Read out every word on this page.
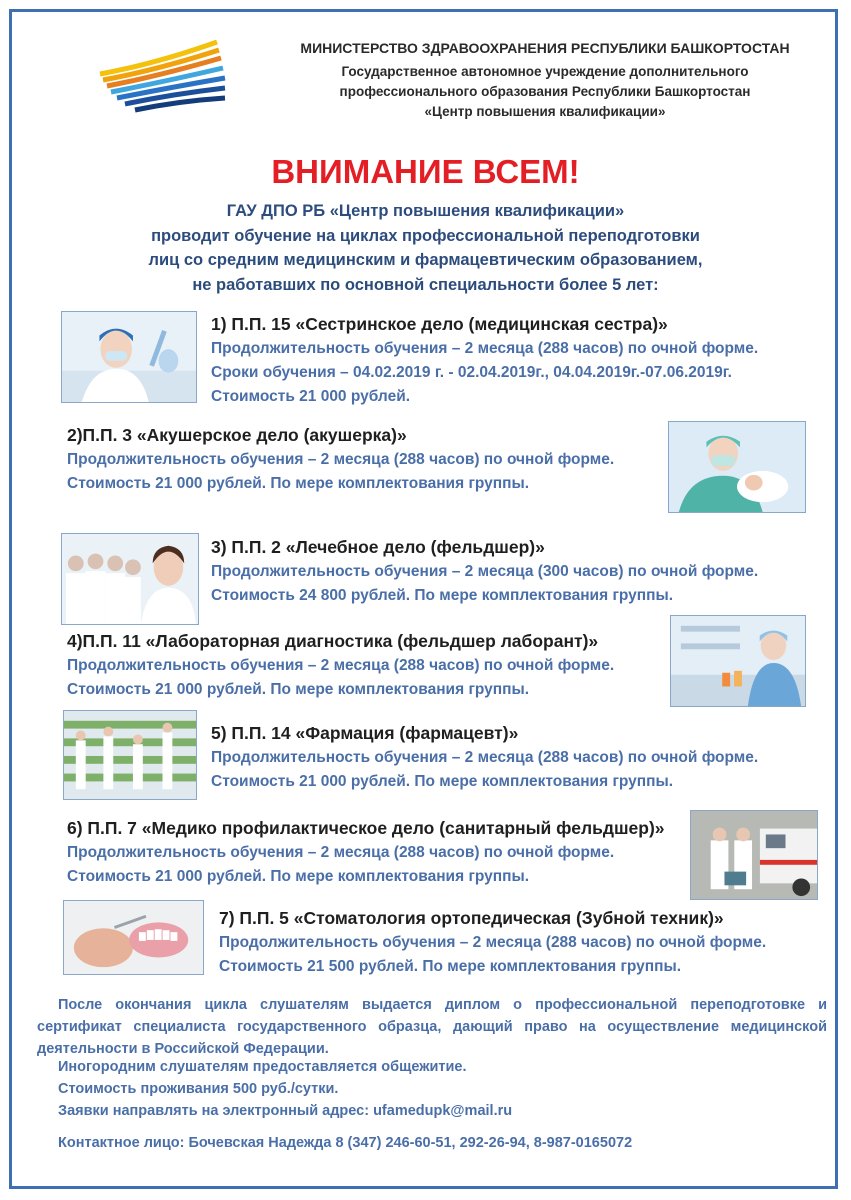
МИНИСТЕРСТВО ЗДРАВООХРАНЕНИЯ РЕСПУБЛИКИ БАШКОРТОСТАН
Государственное автономное учреждение дополнительного
профессионального образования Республики Башкортостан
«Центр повышения квалификации»
ВНИМАНИЕ ВСЕМ!
ГАУ ДПО РБ «Центр повышения квалификации»
проводит обучение на циклах профессиональной переподготовки
лиц со средним медицинским и фармацевтическим образованием,
не работавших по основной специальности более 5 лет:
1) П.П. 15 «Сестринское дело (медицинская сестра)»
Продолжительность обучения – 2 месяца (288 часов) по очной форме.
Сроки обучения – 04.02.2019 г. - 02.04.2019г., 04.04.2019г.-07.06.2019г.
Стоимость 21 000 рублей.
2)П.П. 3 «Акушерское дело (акушерка)»
Продолжительность обучения – 2 месяца (288 часов) по очной форме.
Стоимость 21 000 рублей. По мере комплектования группы.
3) П.П. 2 «Лечебное дело (фельдшер)»
Продолжительность обучения – 2 месяца (300 часов) по очной форме.
Стоимость 24 800 рублей. По мере комплектования группы.
4)П.П. 11 «Лабораторная диагностика (фельдшер лаборант)»
Продолжительность обучения – 2 месяца (288 часов) по очной форме.
Стоимость 21 000 рублей. По мере комплектования группы.
5) П.П. 14 «Фармация (фармацевт)»
Продолжительность обучения – 2 месяца (288 часов) по очной форме.
Стоимость 21 000 рублей. По мере комплектования группы.
6) П.П. 7 «Медико профилактическое дело (санитарный фельдшер)»
Продолжительность обучения – 2 месяца (288 часов) по очной форме.
Стоимость 21 000 рублей. По мере комплектования группы.
7) П.П. 5 «Стоматология ортопедическая (Зубной техник)»
Продолжительность обучения – 2 месяца (288 часов) по очной форме.
Стоимость 21 500 рублей. По мере комплектования группы.
После окончания цикла слушателям выдается диплом о профессиональной переподготовке и сертификат специалиста государственного образца, дающий право на осуществление медицинской деятельности в Российской Федерации.
Иногородним слушателям предоставляется общежитие.
Стоимость проживания 500 руб./сутки.
Заявки направлять на электронный адрес: ufamedupk@mail.ru
Контактное лицо: Бочевская Надежда 8 (347) 246-60-51, 292-26-94, 8-987-0165072
